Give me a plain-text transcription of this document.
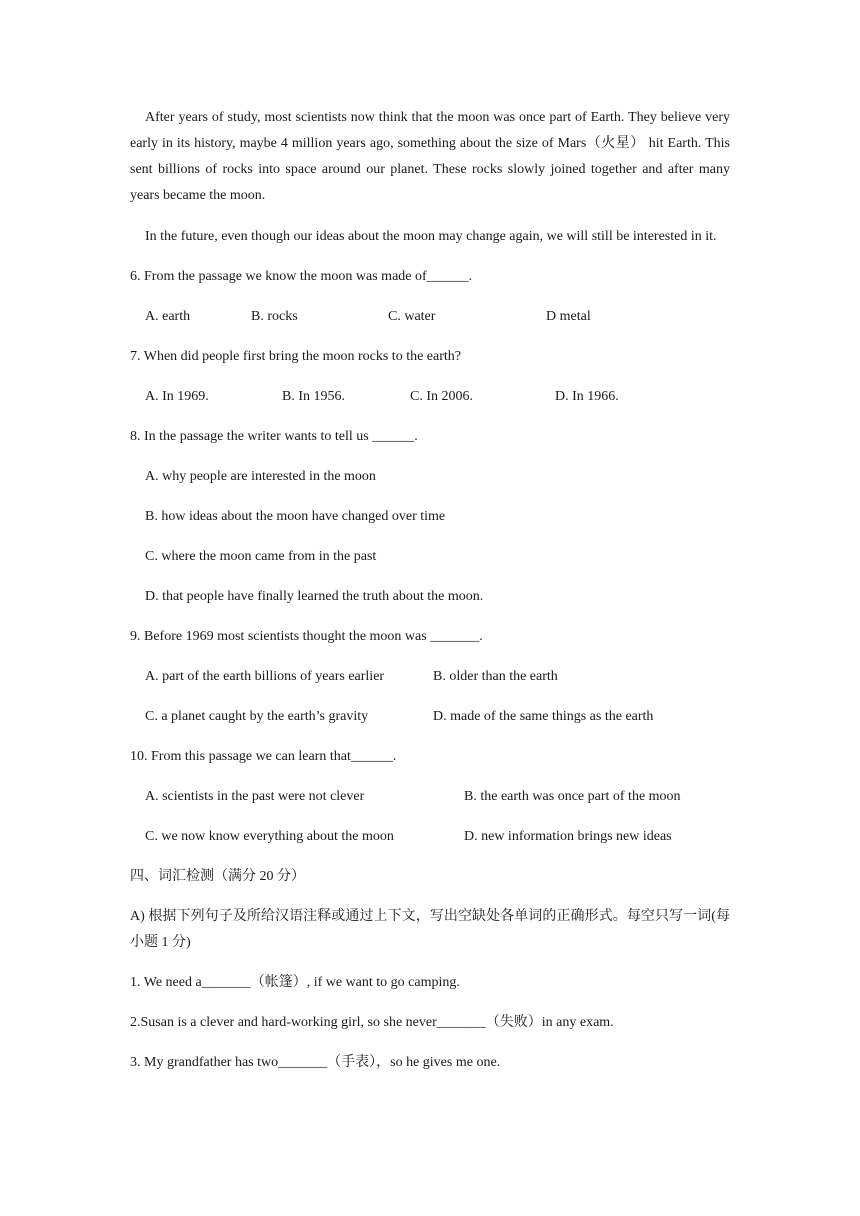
After years of study, most scientists now think that the moon was once part of Earth. They believe very early in its history, maybe 4 million years ago, something about the size of Mars（火星） hit Earth. This sent billions of rocks into space around our planet. These rocks slowly joined together and after many years became the moon.

In the future, even though our ideas about the moon may change again, we will still be interested in it.

6. From the passage we know the moon was made of______.
A. earth	B. rocks	C. water	D metal
7. When did people first bring the moon rocks to the earth?
A. In 1969.	B. In 1956.	C. In 2006.	D. In 1966.
8. In the passage the writer wants to tell us ______.
A. why people are interested in the moon
B. how ideas about the moon have changed over time
C. where the moon came from in the past
D. that people have finally learned the truth about the moon.
9. Before 1969 most scientists thought the moon was _______.
A. part of the earth billions of years earlier	B. older than the earth
C. a planet caught by the earth’s gravity	D. made of the same things as the earth
10. From this passage we can learn that______.
A. scientists in the past were not clever	B. the earth was once part of the moon
C. we now know everything about the moon	D. new information brings new ideas
四、词汇检测（满分 20 分）

A) 根据下列句子及所给汉语注释或通过上下文，写出空缺处各单词的正确形式。每空只写一词(每小题 1 分)

1. We need a_______（帐篷）, if we want to go camping.
2.Susan is a clever and hard-working girl, so she never_______（失败）in any exam.
3. My grandfather has two_______（手表），so he gives me one.
